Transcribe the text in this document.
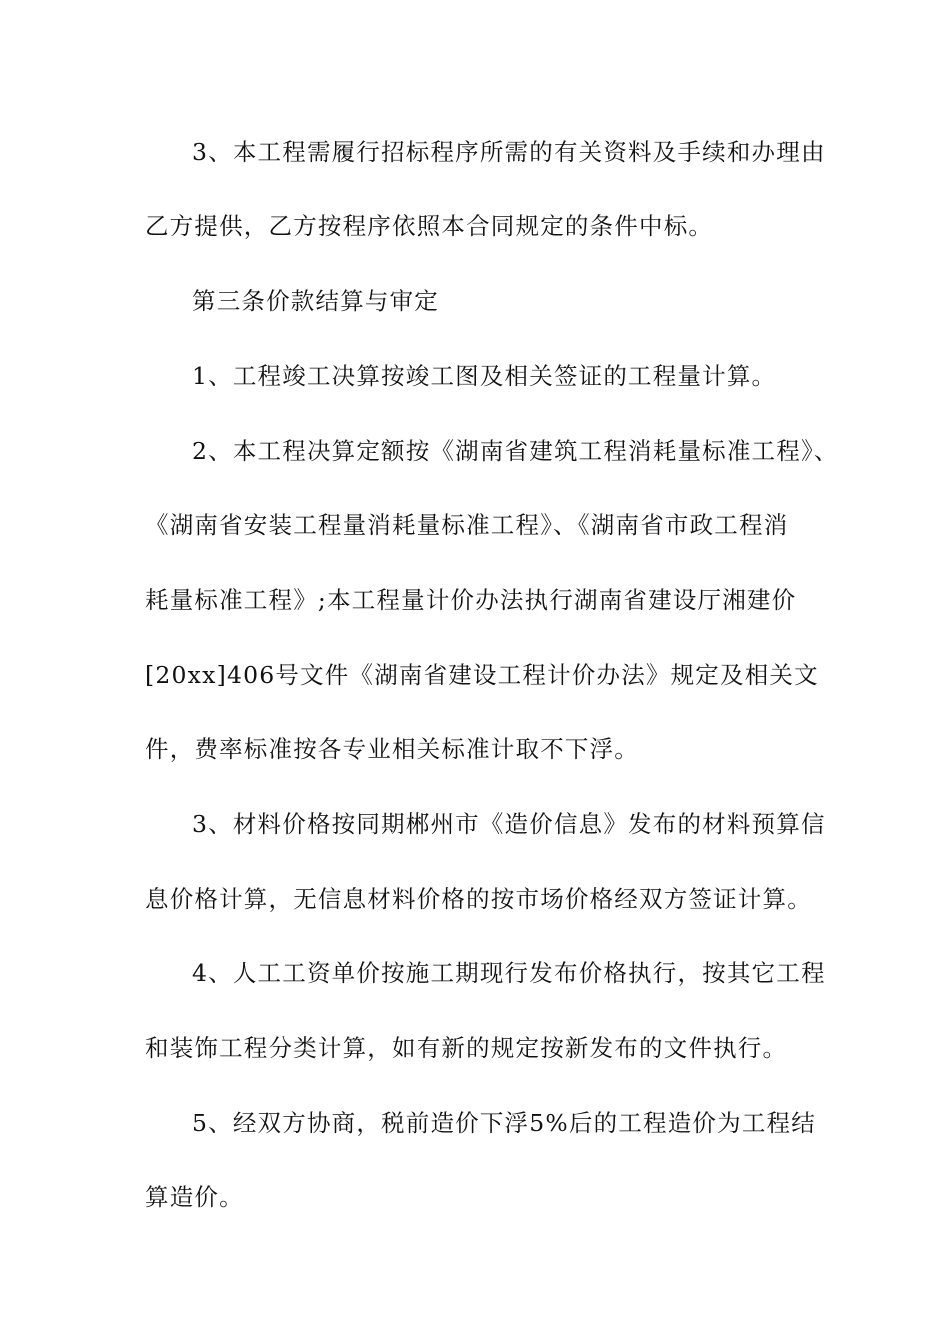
3、本工程需履行招标程序所需的有关资料及手续和办理由
乙方提供，乙方按程序依照本合同规定的条件中标。
第三条价款结算与审定
1、工程竣工决算按竣工图及相关签证的工程量计算。
2、本工程决算定额按《湖南省建筑工程消耗量标准工程》、
《湖南省安装工程量消耗量标准工程》、《湖南省市政工程消
耗量标准工程》;本工程量计价办法执行湖南省建设厅湘建价
[20xx]406号文件《湖南省建设工程计价办法》规定及相关文
件，费率标准按各专业相关标准计取不下浮。
3、材料价格按同期郴州市《造价信息》发布的材料预算信
息价格计算，无信息材料价格的按市场价格经双方签证计算。
4、人工工资单价按施工期现行发布价格执行，按其它工程
和装饰工程分类计算，如有新的规定按新发布的文件执行。
5、经双方协商，税前造价下浮5%后的工程造价为工程结
算造价。
